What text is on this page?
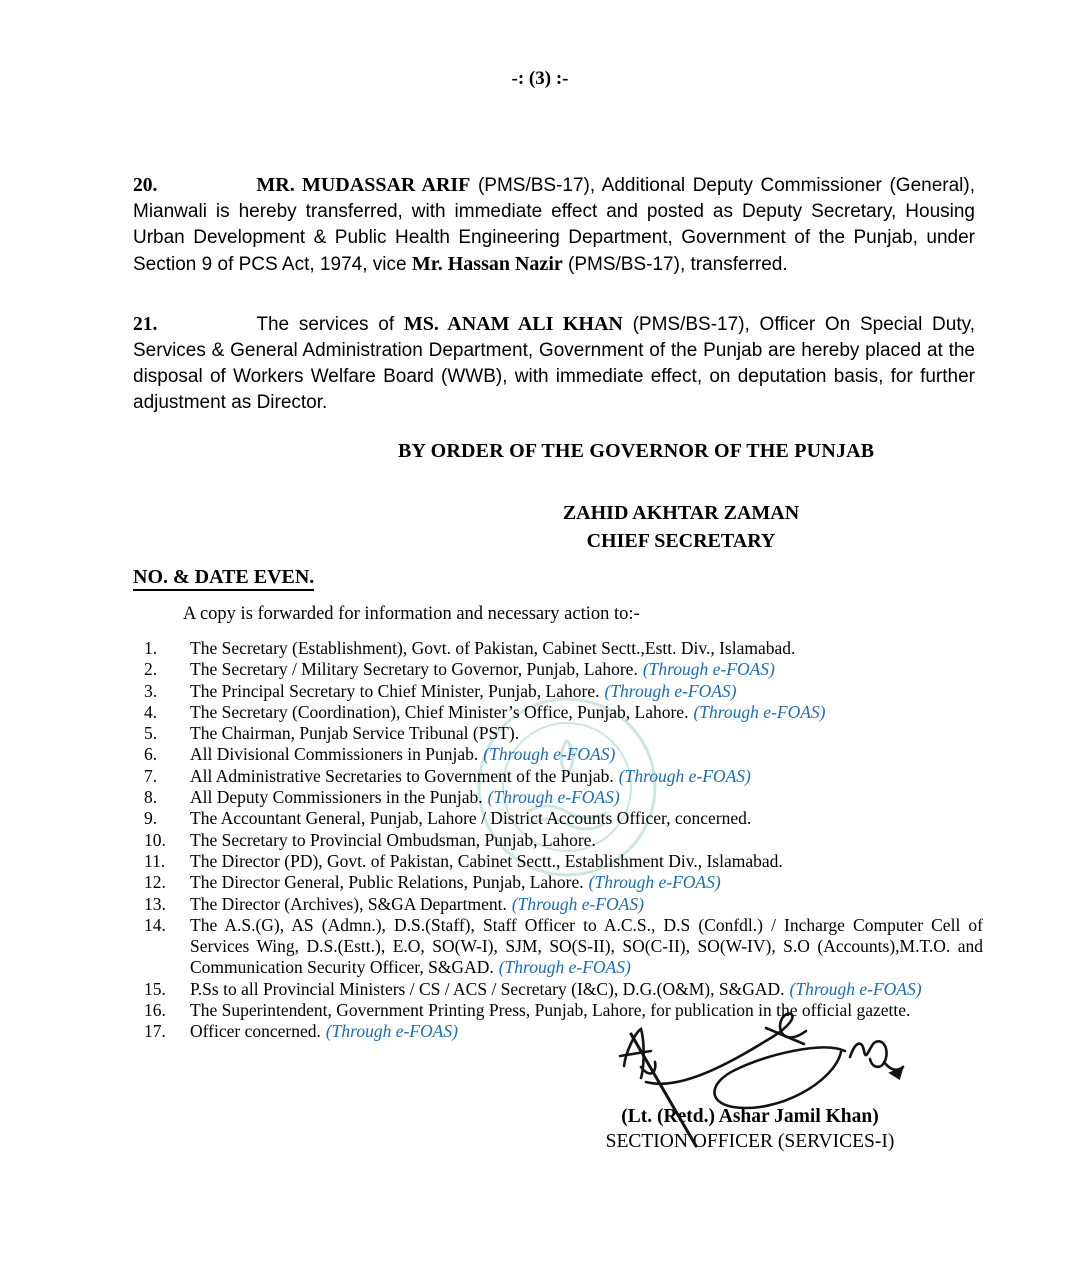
-: (3) :-
20.	MR. MUDASSAR ARIF (PMS/BS-17), Additional Deputy Commissioner (General), Mianwali is hereby transferred, with immediate effect and posted as Deputy Secretary, Housing Urban Development & Public Health Engineering Department, Government of the Punjab, under Section 9 of PCS Act, 1974, vice Mr. Hassan Nazir (PMS/BS-17), transferred.
21.	The services of MS. ANAM ALI KHAN (PMS/BS-17), Officer On Special Duty, Services & General Administration Department, Government of the Punjab are hereby placed at the disposal of Workers Welfare Board (WWB), with immediate effect, on deputation basis, for further adjustment as Director.
BY ORDER OF THE GOVERNOR OF THE PUNJAB
ZAHID AKHTAR ZAMAN
CHIEF SECRETARY
NO. & DATE EVEN.
A copy is forwarded for information and necessary action to:-
1.	The Secretary (Establishment), Govt. of Pakistan, Cabinet Sectt.,Estt. Div., Islamabad.
2.	The Secretary / Military Secretary to Governor, Punjab, Lahore. (Through e-FOAS)
3.	The Principal Secretary to Chief Minister, Punjab, Lahore. (Through e-FOAS)
4.	The Secretary (Coordination), Chief Minister’s Office, Punjab, Lahore. (Through e-FOAS)
5.	The Chairman, Punjab Service Tribunal (PST).
6.	All Divisional Commissioners in Punjab. (Through e-FOAS)
7.	All Administrative Secretaries to Government of the Punjab. (Through e-FOAS)
8.	All Deputy Commissioners in the Punjab. (Through e-FOAS)
9.	The Accountant General, Punjab, Lahore / District Accounts Officer, concerned.
10.	The Secretary to Provincial Ombudsman, Punjab, Lahore.
11.	The Director (PD), Govt. of Pakistan, Cabinet Sectt., Establishment Div., Islamabad.
12.	The Director General, Public Relations, Punjab, Lahore. (Through e-FOAS)
13.	The Director (Archives), S&GA Department. (Through e-FOAS)
14.	The A.S.(G), AS (Admn.), D.S.(Staff), Staff Officer to A.C.S., D.S (Confdl.) / Incharge Computer Cell of Services Wing, D.S.(Estt.), E.O, SO(W-I), SJM, SO(S-II), SO(C-II), SO(W-IV), S.O (Accounts),M.T.O. and Communication Security Officer, S&GAD. (Through e-FOAS)
15.	P.Ss to all Provincial Ministers / CS / ACS / Secretary (I&C), D.G.(O&M), S&GAD. (Through e-FOAS)
16.	The Superintendent, Government Printing Press, Punjab, Lahore, for publication in the official gazette.
17.	Officer concerned. (Through e-FOAS)
(Lt. (Retd.) Ashar Jamil Khan)
SECTION OFFICER (SERVICES-I)
